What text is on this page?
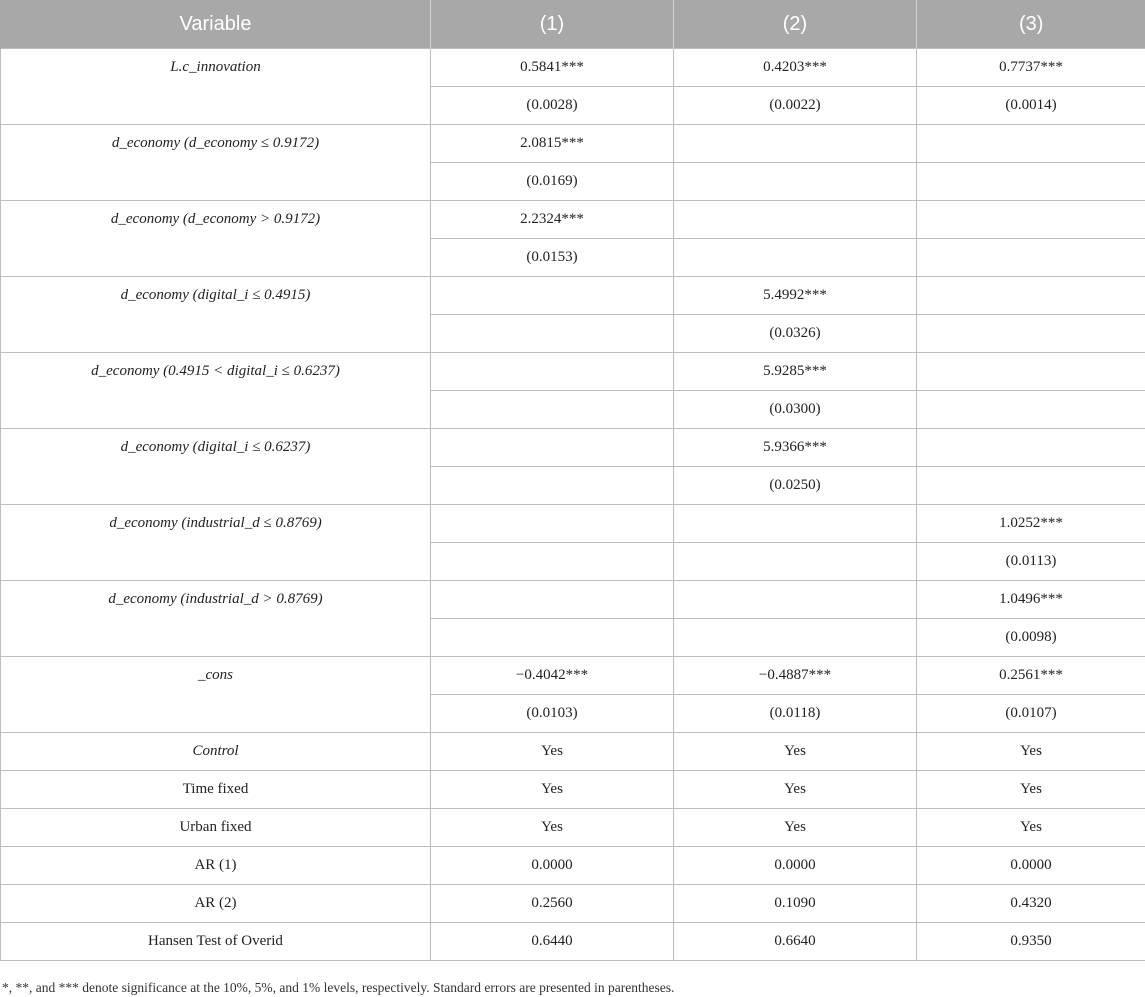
Variable	(1)	(2)	(3)
L.c_innovation	0.5841***	0.4203***	0.7737***
	(0.0028)	(0.0022)	(0.0014)
d_economy (d_economy ≤ 0.9172)	2.0815***		
	(0.0169)		
d_economy (d_economy > 0.9172)	2.2324***		
	(0.0153)		
d_economy (digital_i ≤ 0.4915)		5.4992***	
		(0.0326)	
d_economy (0.4915 < digital_i ≤ 0.6237)		5.9285***	
		(0.0300)	
d_economy (digital_i ≤ 0.6237)		5.9366***	
		(0.0250)	
d_economy (industrial_d ≤ 0.8769)			1.0252***
			(0.0113)
d_economy (industrial_d > 0.8769)			1.0496***
			(0.0098)
_cons	−0.4042***	−0.4887***	0.2561***
	(0.0103)	(0.0118)	(0.0107)
Control	Yes	Yes	Yes
Time fixed	Yes	Yes	Yes
Urban fixed	Yes	Yes	Yes
AR (1)	0.0000	0.0000	0.0000
AR (2)	0.2560	0.1090	0.4320
Hansen Test of Overid	0.6440	0.6640	0.9350
*, **, and *** denote significance at the 10%, 5%, and 1% levels, respectively. Standard errors are presented in parentheses.
